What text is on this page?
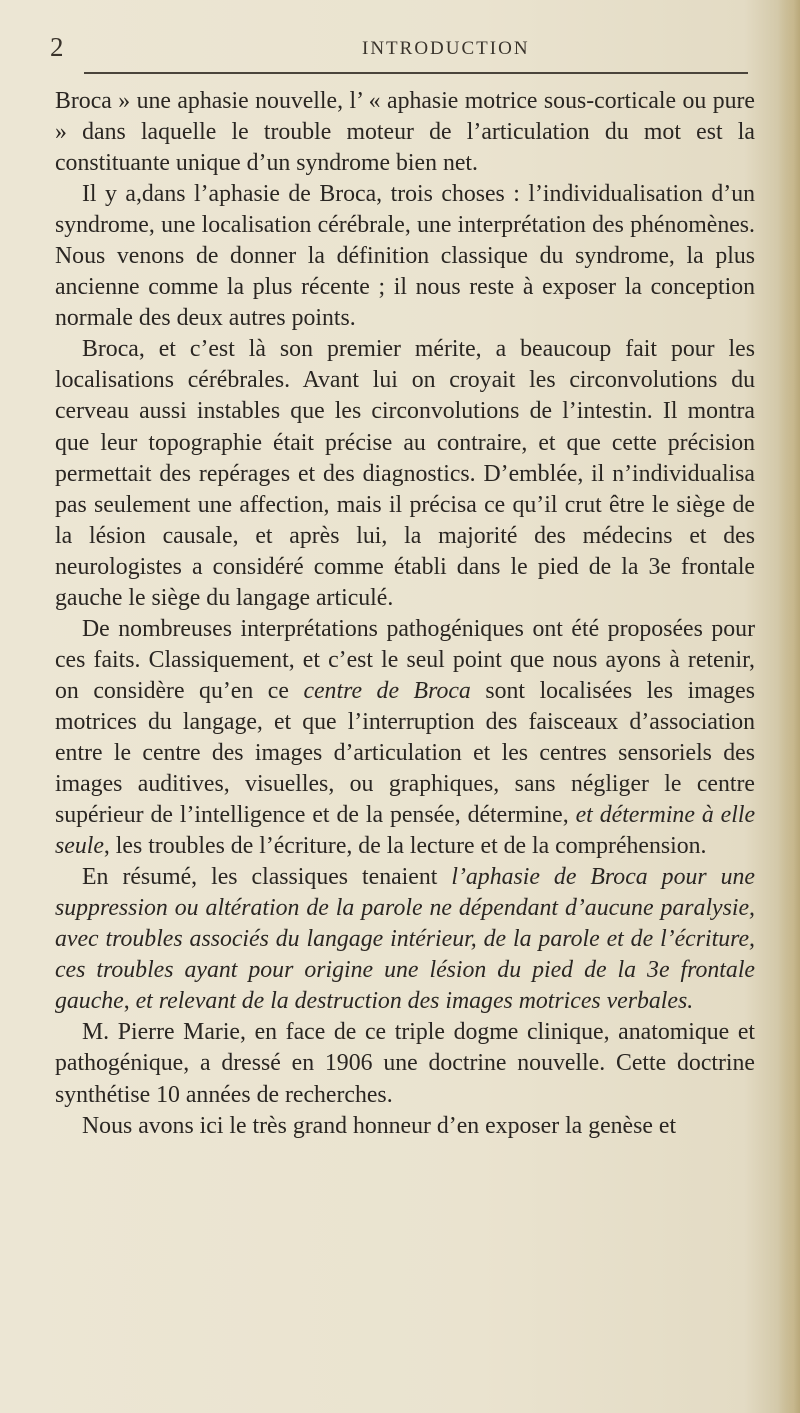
2	INTRODUCTION

Broca » une aphasie nouvelle, l’ « aphasie motrice sous-corticale ou pure » dans laquelle le trouble moteur de l’articulation du mot est la constituante unique d’un syndrome bien net.

Il y a,dans l’aphasie de Broca, trois choses : l’individualisation d’un syndrome, une localisation cérébrale, une interprétation des phénomènes. Nous venons de donner la définition classique du syndrome, la plus ancienne comme la plus récente ; il nous reste à exposer la conception normale des deux autres points.

Broca, et c’est là son premier mérite, a beaucoup fait pour les localisations cérébrales. Avant lui on croyait les circonvolutions du cerveau aussi instables que les circonvolutions de l’intestin. Il montra que leur topographie était précise au contraire, et que cette précision permettait des repérages et des diagnostics. D’emblée, il n’individualisa pas seulement une affection, mais il précisa ce qu’il crut être le siège de la lésion causale, et après lui, la majorité des médecins et des neurologistes a considéré comme établi dans le pied de la 3e frontale gauche le siège du langage articulé.

De nombreuses interprétations pathogéniques ont été proposées pour ces faits. Classiquement, et c’est le seul point que nous ayons à retenir, on considère qu’en ce centre de Broca sont localisées les images motrices du langage, et que l’interruption des faisceaux d’association entre le centre des images d’articulation et les centres sensoriels des images auditives, visuelles, ou graphiques, sans négliger le centre supérieur de l’intelligence et de la pensée, détermine, et détermine à elle seule, les troubles de l’écriture, de la lecture et de la compréhension.

En résumé, les classiques tenaient l’aphasie de Broca pour une suppression ou altération de la parole ne dépendant d’aucune paralysie, avec troubles associés du langage intérieur, de la parole et de l’écriture, ces troubles ayant pour origine une lésion du pied de la 3e frontale gauche, et relevant de la destruction des images motrices verbales.

M. Pierre Marie, en face de ce triple dogme clinique, anatomique et pathogénique, a dressé en 1906 une doctrine nouvelle. Cette doctrine synthétise 10 années de recherches.

Nous avons ici le très grand honneur d’en exposer la genèse et
